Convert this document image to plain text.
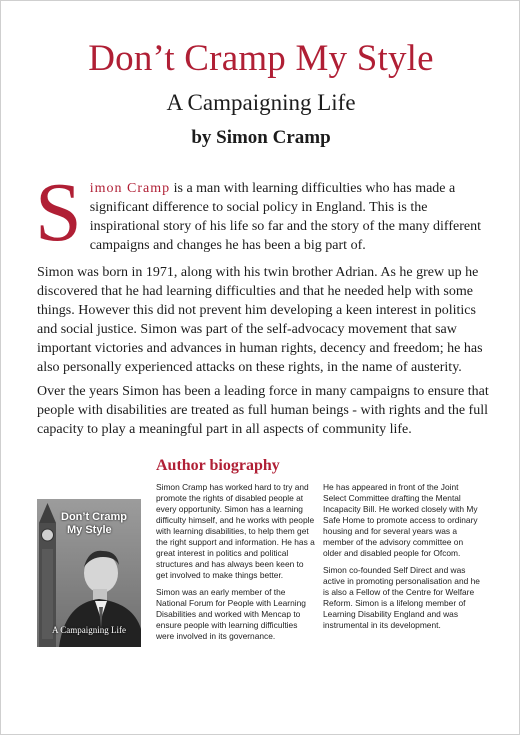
Don’t Cramp My Style
A Campaigning Life
by Simon Cramp
Simon Cramp is a man with learning difficulties who has made a significant difference to social policy in England. This is the inspirational story of his life so far and the story of the many different campaigns and changes he has been a big part of.
Simon was born in 1971, along with his twin brother Adrian. As he grew up he discovered that he had learning difficulties and that he needed help with some things. However this did not prevent him developing a keen interest in politics and social justice. Simon was part of the self-advocacy movement that saw important victories and advances in human rights, decency and freedom; he has also personally experienced attacks on these rights, in the name of austerity.
Over the years Simon has been a leading force in many campaigns to ensure that people with disabilities are treated as full human beings - with rights and the full capacity to play a meaningful part in all aspects of community life.
Author biography
Don’t Cramp
My Style
A Campaigning Life

Simon Cramp has worked hard to try and promote the rights of disabled people at every opportunity. Simon has a learning difficulty himself, and he works with people with learning disabilities, to help them get the right support and information. He has a great interest in politics and political structures and has always been keen to get involved to make things better.

Simon was an early member of the National Forum for People with Learning Disabilities and worked with Mencap to ensure people with learning difficulties were involved in its governance.

He has appeared in front of the Joint Select Committee drafting the Mental Incapacity Bill. He worked closely with My Safe Home to promote access to ordinary housing and for several years was a member of the advisory committee on older and disabled people for Ofcom.

Simon co-founded Self Direct and was active in promoting personalisation and he is also a Fellow of the Centre for Welfare Reform. Simon is a lifelong member of Learning Disability England and was instrumental in its development.
